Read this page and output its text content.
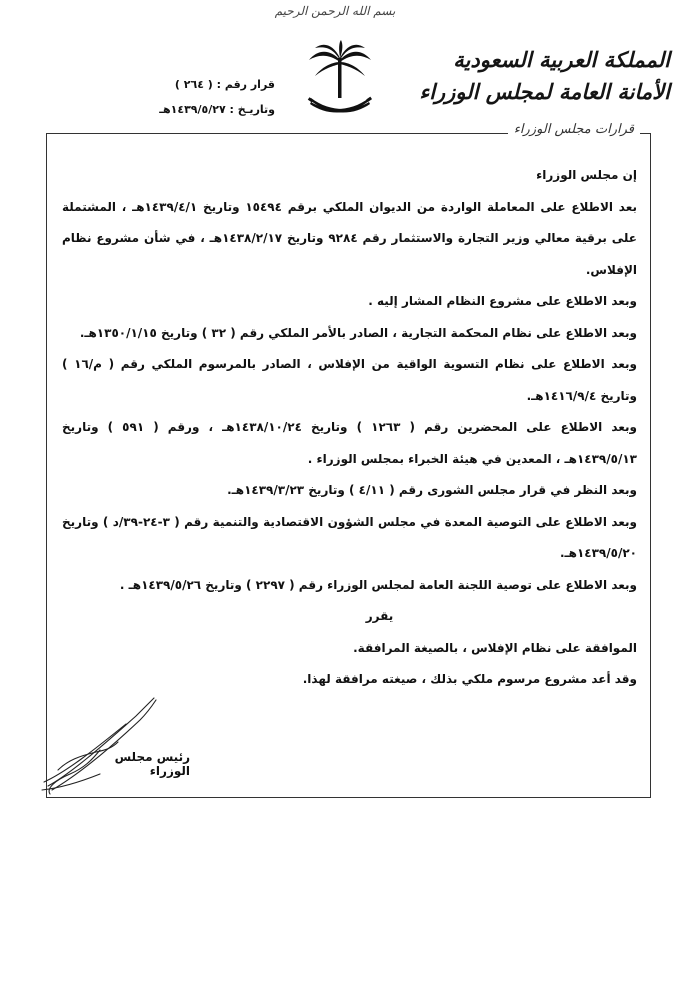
بسم الله الرحمن الرحيم
المملكة العربية السعودية
الأمانة العامة لمجلس الوزراء
قرار رقم : ( ٢٦٤ )
وتاريـخ : ١٤٣٩/٥/٢٧هـ
قرارات مجلس الوزراء
إن مجلس الوزراء
بعد الاطلاع على المعاملة الواردة من الديوان الملكي برقم ١٥٤٩٤ وتاريخ ١٤٣٩/٤/١هـ ، المشتملة على برقية معالي وزير التجارة والاستثمار رقم ٩٢٨٤ وتاريخ ١٤٣٨/٢/١٧هـ ، في شأن مشروع نظام الإفلاس.
وبعد الاطلاع على مشروع النظام المشار إليه .
وبعد الاطلاع على نظام المحكمة التجارية ، الصادر بالأمر الملكي رقم ( ٣٢ ) وتاريخ ١٣٥٠/١/١٥هـ.
وبعد الاطلاع على نظام التسوية الواقية من الإفلاس ، الصادر بالمرسوم الملكي رقم ( م/١٦ ) وتاريخ ١٤١٦/٩/٤هـ.
وبعد الاطلاع على المحضرين رقم ( ١٢٦٣ ) وتاريخ ١٤٣٨/١٠/٢٤هـ ، ورقم ( ٥٩١ ) وتاريخ ١٤٣٩/٥/١٣هـ ، المعدين في هيئة الخبراء بمجلس الوزراء .
وبعد النظر في قرار مجلس الشورى رقم ( ٤/١١ ) وتاريخ ١٤٣٩/٣/٢٣هـ.
وبعد الاطلاع على التوصية المعدة في مجلس الشؤون الاقتصادية والتنمية رقم ( ٣-٢٤-٣٩/د ) وتاريخ ١٤٣٩/٥/٢٠هـ.
وبعد الاطلاع على توصية اللجنة العامة لمجلس الوزراء رقم ( ٢٢٩٧ ) وتاريخ ١٤٣٩/٥/٢٦هـ .
يقرر
الموافقة على نظام الإفلاس ، بالصيغة المرافقة.
وقد أعد مشروع مرسوم ملكي بذلك ، صيغته مرافقة لهذا.
رئيس مجلس الوزراء
